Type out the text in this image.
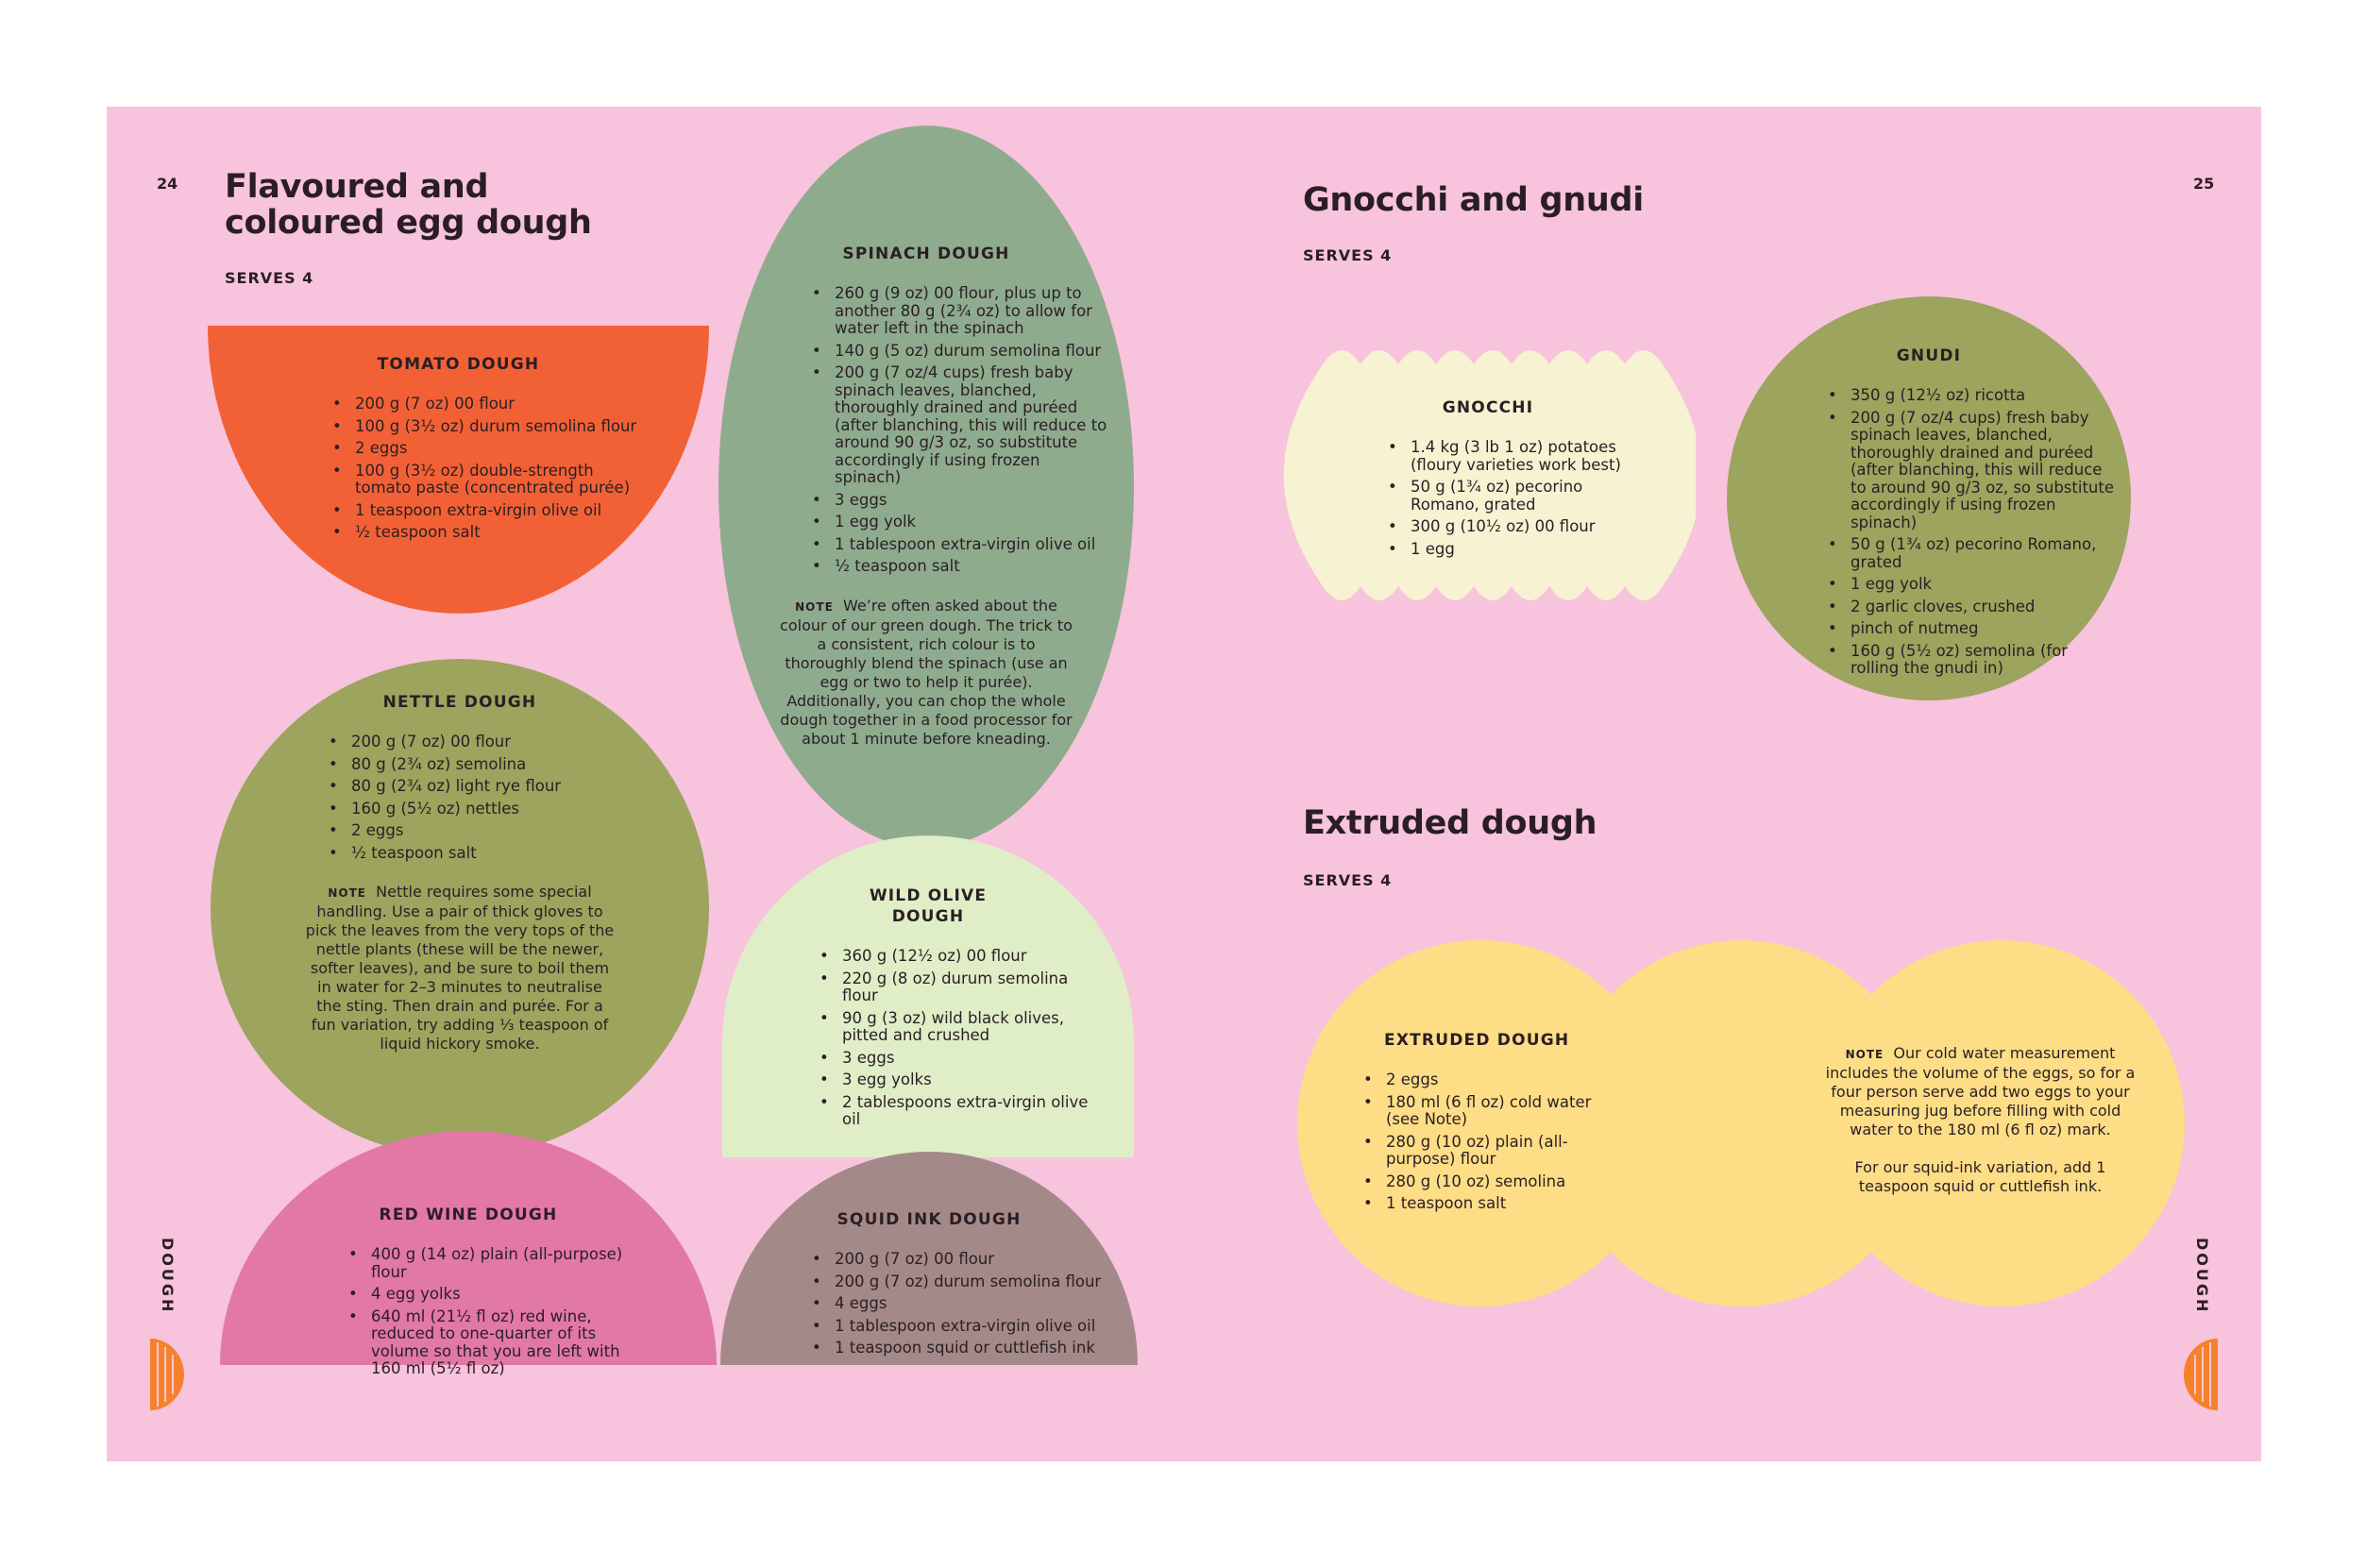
24 Flavoured and
coloured egg dough
SERVES 4
TOMATO DOUGH
• 200 g (7 oz) 00 flour
• 100 g (3½ oz) durum semolina flour
• 2 eggs
• 100 g (3½ oz) double-strength tomato paste (concentrated purée)
• 1 teaspoon extra-virgin olive oil
• ½ teaspoon salt
NETTLE DOUGH
• 200 g (7 oz) 00 flour
• 80 g (2¾ oz) semolina
• 80 g (2¾ oz) light rye flour
• 160 g (5½ oz) nettles
• 2 eggs
• ½ teaspoon salt
NOTE Nettle requires some special handling. Use a pair of thick gloves to pick the leaves from the very tops of the nettle plants (these will be the newer, softer leaves), and be sure to boil them in water for 2–3 minutes to neutralise the sting. Then drain and purée. For a fun variation, try adding ⅓ teaspoon of liquid hickory smoke.
RED WINE DOUGH
• 400 g (14 oz) plain (all-purpose) flour
• 4 egg yolks
• 640 ml (21½ fl oz) red wine, reduced to one-quarter of its volume so that you are left with 160 ml (5½ fl oz)
SPINACH DOUGH
• 260 g (9 oz) 00 flour, plus up to another 80 g (2¾ oz) to allow for water left in the spinach
• 140 g (5 oz) durum semolina flour
• 200 g (7 oz/4 cups) fresh baby spinach leaves, blanched, thoroughly drained and puréed (after blanching, this will reduce to around 90 g/3 oz, so substitute accordingly if using frozen spinach)
• 3 eggs
• 1 egg yolk
• 1 tablespoon extra-virgin olive oil
• ½ teaspoon salt
NOTE We’re often asked about the colour of our green dough. The trick to a consistent, rich colour is to thoroughly blend the spinach (use an egg or two to help it purée). Additionally, you can chop the whole dough together in a food processor for about 1 minute before kneading.
WILD OLIVE
DOUGH
• 360 g (12½ oz) 00 flour
• 220 g (8 oz) durum semolina flour
• 90 g (3 oz) wild black olives, pitted and crushed
• 3 eggs
• 3 egg yolks
• 2 tablespoons extra-virgin olive oil
SQUID INK DOUGH
• 200 g (7 oz) 00 flour
• 200 g (7 oz) durum semolina flour
• 4 eggs
• 1 tablespoon extra-virgin olive oil
• 1 teaspoon squid or cuttlefish ink
DOUGH
25
Gnocchi and gnudi
SERVES 4
GNOCCHI
• 1.4 kg (3 lb 1 oz) potatoes (floury varieties work best)
• 50 g (1¾ oz) pecorino Romano, grated
• 300 g (10½ oz) 00 flour
• 1 egg
GNUDI
• 350 g (12½ oz) ricotta
• 200 g (7 oz/4 cups) fresh baby spinach leaves, blanched, thoroughly drained and puréed (after blanching, this will reduce to around 90 g/3 oz, so substitute accordingly if using frozen spinach)
• 50 g (1¾ oz) pecorino Romano, grated
• 1 egg yolk
• 2 garlic cloves, crushed
• pinch of nutmeg
• 160 g (5½ oz) semolina (for rolling the gnudi in)
Extruded dough
SERVES 4
EXTRUDED DOUGH
• 2 eggs
• 180 ml (6 fl oz) cold water (see Note)
• 280 g (10 oz) plain (all-purpose) flour
• 280 g (10 oz) semolina
• 1 teaspoon salt
NOTE Our cold water measurement includes the volume of the eggs, so for a four person serve add two eggs to your measuring jug before filling with cold water to the 180 ml (6 fl oz) mark.
For our squid-ink variation, add 1 teaspoon squid or cuttlefish ink.
DOUGH
